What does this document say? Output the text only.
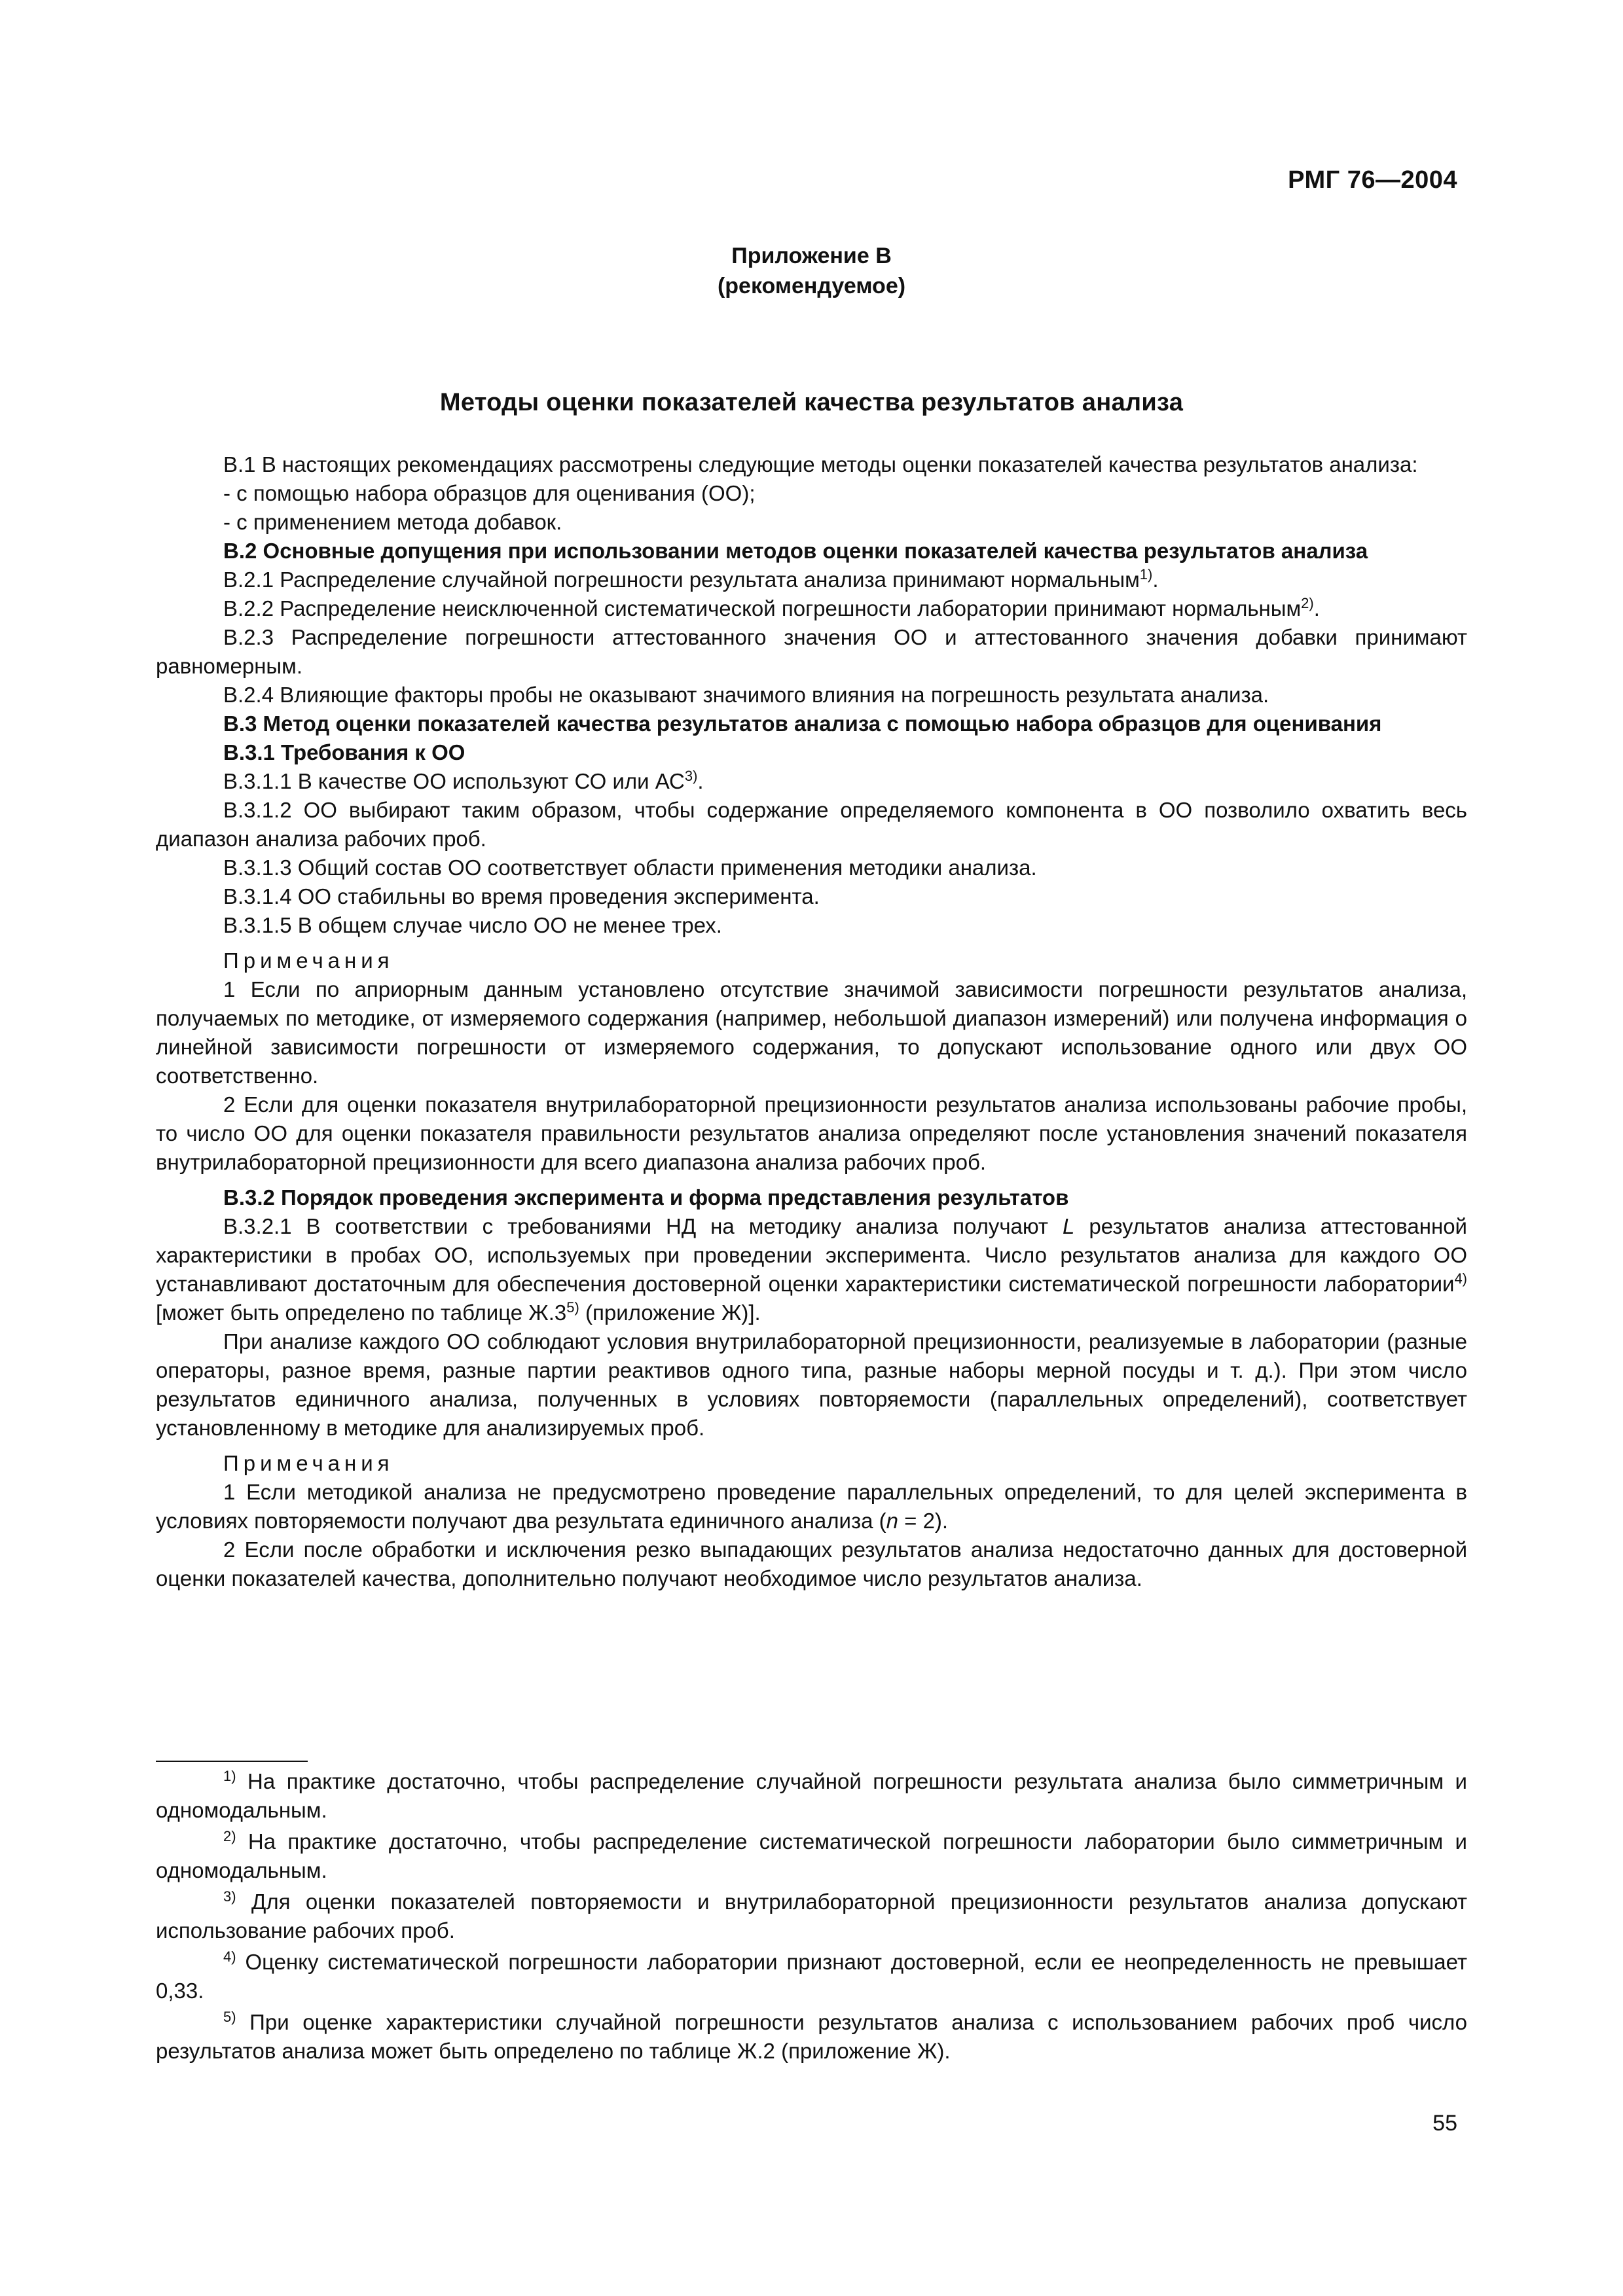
РМГ 76—2004
Приложение В
(рекомендуемое)
Методы оценки показателей качества результатов анализа

В.1 В настоящих рекомендациях рассмотрены следующие методы оценки показателей качества результатов анализа:

- с помощью набора образцов для оценивания (ОО);

- с применением метода добавок.

В.2 Основные допущения при использовании методов оценки показателей качества результатов анализа

В.2.1 Распределение случайной погрешности результата анализа принимают нормальным$^{1)}$.

В.2.2 Распределение неисключенной систематической погрешности лаборатории принимают нормальным$^{2)}$.

В.2.3 Распределение погрешности аттестованного значения ОО и аттестованного значения добавки принимают равномерным.

В.2.4 Влияющие факторы пробы не оказывают значимого влияния на погрешность результата анализа.

В.3 Метод оценки показателей качества результатов анализа с помощью набора образцов для оценивания

В.3.1 Требования к ОО

В.3.1.1 В качестве ОО используют СО или АС$^{3)}$.

В.3.1.2 ОО выбирают таким образом, чтобы содержание определяемого компонента в ОО позволило охватить весь диапазон анализа рабочих проб.

В.3.1.3 Общий состав ОО соответствует области применения методики анализа.

В.3.1.4 ОО стабильны во время проведения эксперимента.

В.3.1.5 В общем случае число ОО не менее трех.

Примечания

1 Если по априорным данным установлено отсутствие значимой зависимости погрешности результатов анализа, получаемых по методике, от измеряемого содержания (например, небольшой диапазон измерений) или получена информация о линейной зависимости погрешности от измеряемого содержания, то допускают использование одного или двух ОО соответственно.

2 Если для оценки показателя внутрилабораторной прецизионности результатов анализа использованы рабочие пробы, то число ОО для оценки показателя правильности результатов анализа определяют после установления значений показателя внутрилабораторной прецизионности для всего диапазона анализа рабочих проб.

В.3.2 Порядок проведения эксперимента и форма представления результатов

В.3.2.1 В соответствии с требованиями НД на методику анализа получают L результатов анализа аттестованной характеристики в пробах ОО, используемых при проведении эксперимента. Число результатов анализа для каждого ОО устанавливают достаточным для обеспечения достоверной оценки характеристики систематической погрешности лаборатории$^{4)}$ [может быть определено по таблице Ж.3$^{5)}$ (приложение Ж)].

При анализе каждого ОО соблюдают условия внутрилабораторной прецизионности, реализуемые в лаборатории (разные операторы, разное время, разные партии реактивов одного типа, разные наборы мерной посуды и т. д.). При этом число результатов единичного анализа, полученных в условиях повторяемости (параллельных определений), соответствует установленному в методике для анализируемых проб.

Примечания

1 Если методикой анализа не предусмотрено проведение параллельных определений, то для целей эксперимента в условиях повторяемости получают два результата единичного анализа (n = 2).

2 Если после обработки и исключения резко выпадающих результатов анализа недостаточно данных для достоверной оценки показателей качества, дополнительно получают необходимое число результатов анализа.

$^{1)}$ На практике достаточно, чтобы распределение случайной погрешности результата анализа было симметричным и одномодальным.

$^{2)}$ На практике достаточно, чтобы распределение систематической погрешности лаборатории было симметричным и одномодальным.

$^{3)}$ Для оценки показателей повторяемости и внутрилабораторной прецизионности результатов анализа допускают использование рабочих проб.

$^{4)}$ Оценку систематической погрешности лаборатории признают достоверной, если ее неопределенность не превышает 0,33.

$^{5)}$ При оценке характеристики случайной погрешности результатов анализа с использованием рабочих проб число результатов анализа может быть определено по таблице Ж.2 (приложение Ж).

55
